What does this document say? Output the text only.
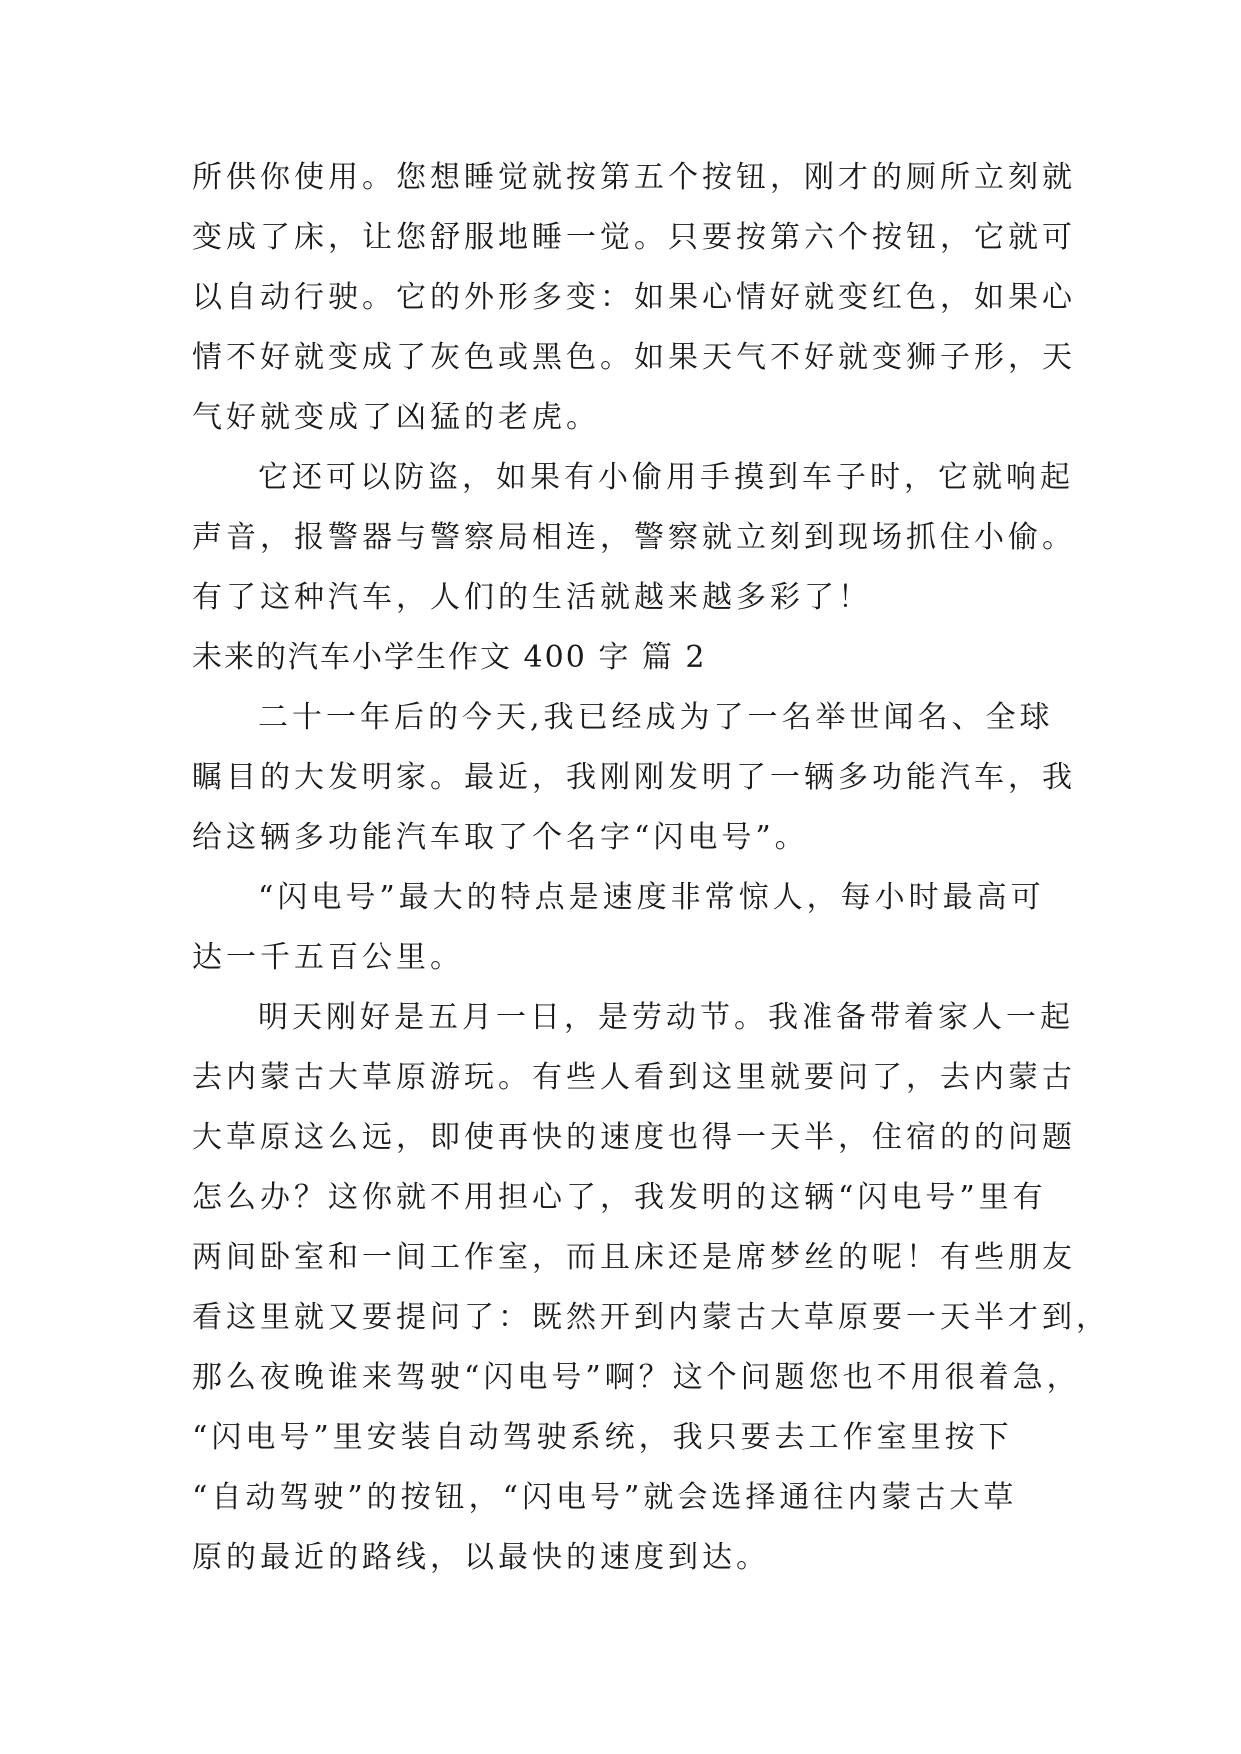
所供你使用。您想睡觉就按第五个按钮，刚才的厕所立刻就
变成了床，让您舒服地睡一觉。只要按第六个按钮，它就可
以自动行驶。它的外形多变：如果心情好就变红色，如果心
情不好就变成了灰色或黑色。如果天气不好就变狮子形，天
气好就变成了凶猛的老虎。
它还可以防盗，如果有小偷用手摸到车子时，它就响起
声音，报警器与警察局相连，警察就立刻到现场抓住小偷。
有了这种汽车，人们的生活就越来越多彩了！
未来的汽车小学生作文 400 字 篇 2
二十一年后的今天,我已经成为了一名举世闻名、全球
瞩目的大发明家。最近，我刚刚发明了一辆多功能汽车，我
给这辆多功能汽车取了个名字“闪电号”。
“闪电号”最大的特点是速度非常惊人，每小时最高可
达一千五百公里。
明天刚好是五月一日，是劳动节。我准备带着家人一起
去内蒙古大草原游玩。有些人看到这里就要问了，去内蒙古
大草原这么远，即使再快的速度也得一天半，住宿的的问题
怎么办？这你就不用担心了，我发明的这辆“闪电号”里有
两间卧室和一间工作室，而且床还是席梦丝的呢！有些朋友
看这里就又要提问了：既然开到内蒙古大草原要一天半才到，
那么夜晚谁来驾驶“闪电号”啊？这个问题您也不用很着急，
“闪电号”里安装自动驾驶系统，我只要去工作室里按下
“自动驾驶”的按钮，“闪电号”就会选择通往内蒙古大草
原的最近的路线，以最快的速度到达。
